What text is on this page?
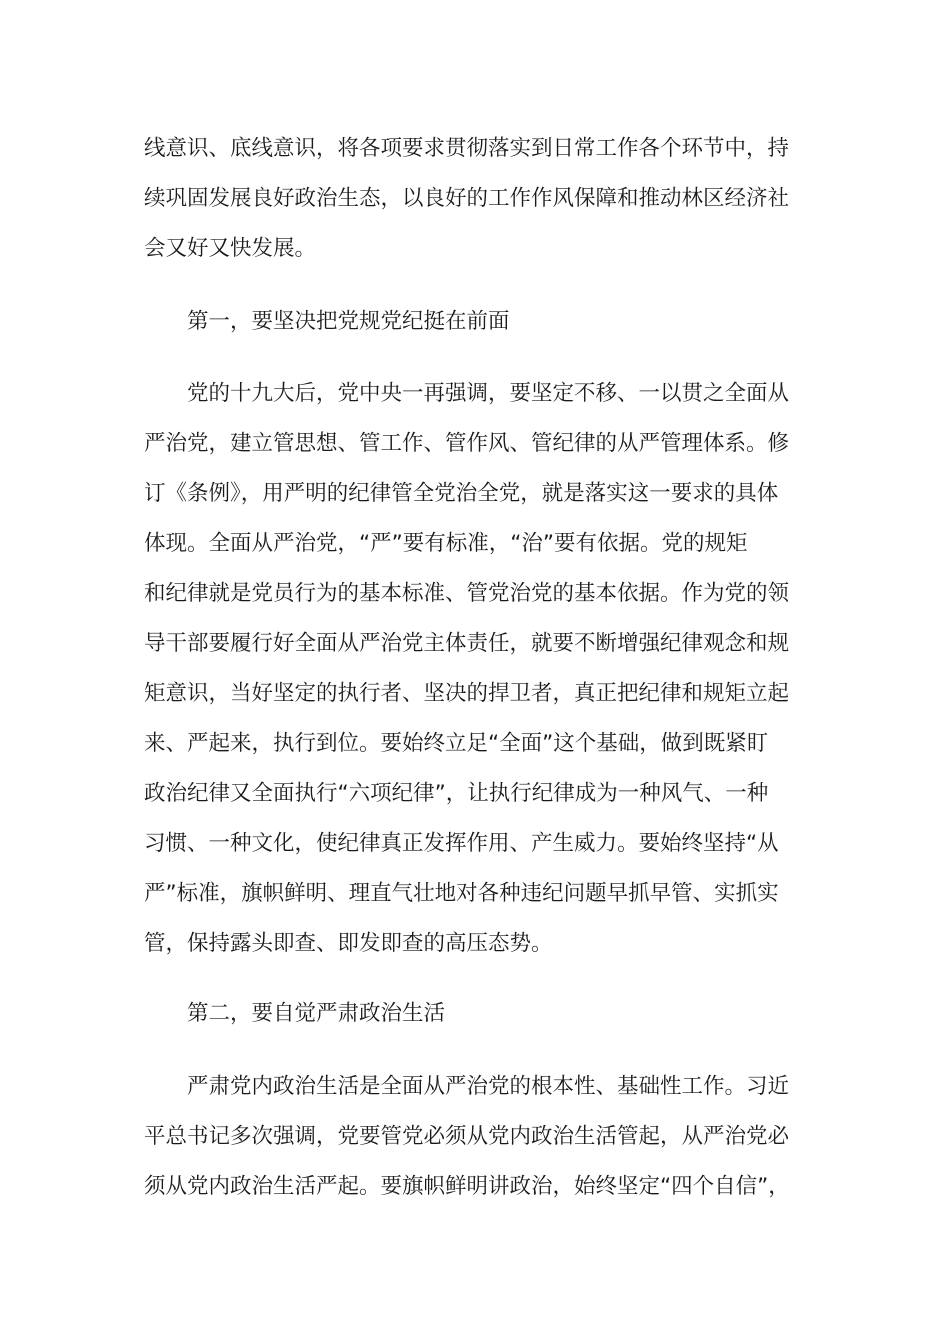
线意识、底线意识，将各项要求贯彻落实到日常工作各个环节中，持
续巩固发展良好政治生态，以良好的工作作风保障和推动林区经济社
会又好又快发展。
第一，要坚决把党规党纪挺在前面
党的十九大后，党中央一再强调，要坚定不移、一以贯之全面从
严治党，建立管思想、管工作、管作风、管纪律的从严管理体系。修
订《条例》，用严明的纪律管全党治全党，就是落实这一要求的具体
体现。全面从严治党，“严”要有标准，“治”要有依据。党的规矩
和纪律就是党员行为的基本标准、管党治党的基本依据。作为党的领
导干部要履行好全面从严治党主体责任，就要不断增强纪律观念和规
矩意识，当好坚定的执行者、坚决的捍卫者，真正把纪律和规矩立起
来、严起来，执行到位。要始终立足“全面”这个基础，做到既紧盯
政治纪律又全面执行“六项纪律”，让执行纪律成为一种风气、一种
习惯、一种文化，使纪律真正发挥作用、产生威力。要始终坚持“从
严”标准，旗帜鲜明、理直气壮地对各种违纪问题早抓早管、实抓实
管，保持露头即查、即发即查的高压态势。
第二，要自觉严肃政治生活
严肃党内政治生活是全面从严治党的根本性、基础性工作。习近
平总书记多次强调，党要管党必须从党内政治生活管起，从严治党必
须从党内政治生活严起。要旗帜鲜明讲政治，始终坚定“四个自信”，
